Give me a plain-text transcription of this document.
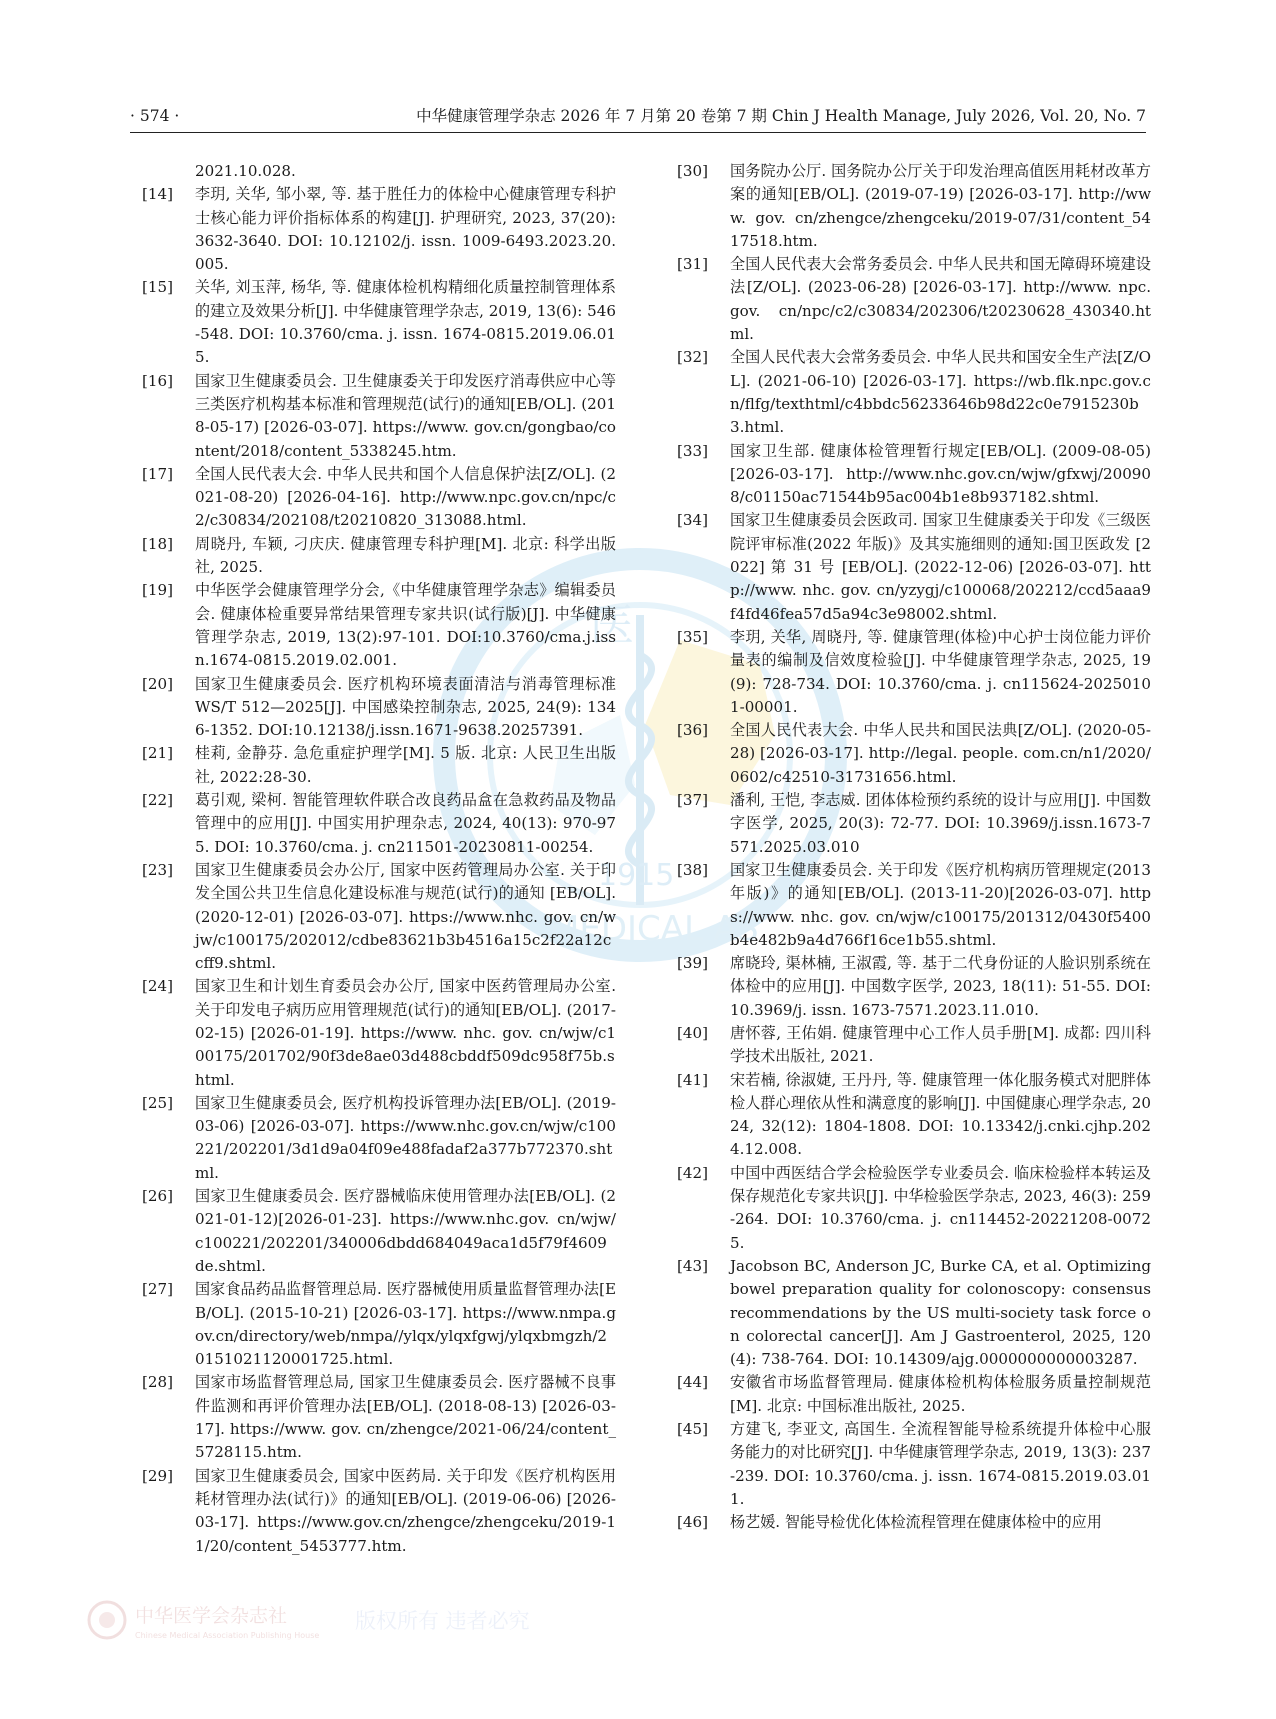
医
1915
MEDICAL AS
· 574 ·	中华健康管理学杂志 2026 年 7 月第 20 卷第 7 期 Chin J Health Manage, July 2026, Vol. 20, No. 7
2021.10.028.
[14] 李玥, 关华, 邹小翠, 等. 基于胜任力的体检中心健康管理专科护士核心能力评价指标体系的构建[J]. 护理研究, 2023, 37(20): 3632-3640. DOI: 10.12102/j. issn. 1009-6493.2023.20.005.
[15] 关华, 刘玉萍, 杨华, 等. 健康体检机构精细化质量控制管理体系的建立及效果分析[J]. 中华健康管理学杂志, 2019, 13(6): 546-548. DOI: 10.3760/cma. j. issn. 1674-0815.2019.06.015.
[16] 国家卫生健康委员会. 卫生健康委关于印发医疗消毒供应中心等三类医疗机构基本标准和管理规范(试行)的通知[EB/OL]. (2018-05-17) [2026-03-07]. https://www. gov.cn/gongbao/content/2018/content_5338245.htm.
[17] 全国人民代表大会. 中华人民共和国个人信息保护法[Z/OL]. (2021-08-20) [2026-04-16]. http://www.npc.gov.cn/npc/c2/c30834/202108/t20210820_313088.html.
[18] 周晓丹, 车颖, 刁庆庆. 健康管理专科护理[M]. 北京: 科学出版社, 2025.
[19] 中华医学会健康管理学分会,《中华健康管理学杂志》编辑委员会. 健康体检重要异常结果管理专家共识(试行版)[J]. 中华健康管理学杂志, 2019, 13(2):97-101. DOI:10.3760/cma.j.issn.1674-0815.2019.02.001.
[20] 国家卫生健康委员会. 医疗机构环境表面清洁与消毒管理标准 WS/T 512—2025[J]. 中国感染控制杂志, 2025, 24(9): 1346-1352. DOI:10.12138/j.issn.1671-9638.20257391.
[21] 桂莉, 金静芬. 急危重症护理学[M]. 5 版. 北京: 人民卫生出版社, 2022:28-30.
[22] 葛引观, 梁柯. 智能管理软件联合改良药品盒在急救药品及物品管理中的应用[J]. 中国实用护理杂志, 2024, 40(13): 970-975. DOI: 10.3760/cma. j. cn211501-20230811-00254.
[23] 国家卫生健康委员会办公厅, 国家中医药管理局办公室. 关于印发全国公共卫生信息化建设标准与规范(试行)的通知 [EB/OL]. (2020-12-01) [2026-03-07]. https://www.nhc. gov. cn/wjw/c100175/202012/cdbe83621b3b4516a15c2f22a12ccff9.shtml.
[24] 国家卫生和计划生育委员会办公厅, 国家中医药管理局办公室. 关于印发电子病历应用管理规范(试行)的通知[EB/OL]. (2017-02-15) [2026-01-19]. https://www. nhc. gov. cn/wjw/c100175/201702/90f3de8ae03d488cbddf509dc958f75b.shtml.
[25] 国家卫生健康委员会, 医疗机构投诉管理办法[EB/OL]. (2019-03-06) [2026-03-07]. https://www.nhc.gov.cn/wjw/c100221/202201/3d1d9a04f09e488fadaf2a377b772370.shtml.
[26] 国家卫生健康委员会. 医疗器械临床使用管理办法[EB/OL]. (2021-01-12)[2026-01-23]. https://www.nhc.gov. cn/wjw/c100221/202201/340006dbdd684049aca1d5f79f4609de.shtml.
[27] 国家食品药品监督管理总局. 医疗器械使用质量监督管理办法[EB/OL]. (2015-10-21) [2026-03-17]. https://www.nmpa.gov.cn/directory/web/nmpa//ylqx/ylqxfgwj/ylqxbmgzh/20151021120001725.html.
[28] 国家市场监督管理总局, 国家卫生健康委员会. 医疗器械不良事件监测和再评价管理办法[EB/OL]. (2018-08-13) [2026-03-17]. https://www. gov. cn/zhengce/2021-06/24/content_5728115.htm.
[29] 国家卫生健康委员会, 国家中医药局. 关于印发《医疗机构医用耗材管理办法(试行)》的通知[EB/OL]. (2019-06-06) [2026-03-17]. https://www.gov.cn/zhengce/zhengceku/2019-11/20/content_5453777.htm.
[30] 国务院办公厅. 国务院办公厅关于印发治理高值医用耗材改革方案的通知[EB/OL]. (2019-07-19) [2026-03-17]. http://www. gov. cn/zhengce/zhengceku/2019-07/31/content_5417518.htm.
[31] 全国人民代表大会常务委员会. 中华人民共和国无障碍环境建设法[Z/OL]. (2023-06-28) [2026-03-17]. http://www. npc. gov. cn/npc/c2/c30834/202306/t20230628_430340.html.
[32] 全国人民代表大会常务委员会. 中华人民共和国安全生产法[Z/OL]. (2021-06-10) [2026-03-17]. https://wb.flk.npc.gov.cn/flfg/texthtml/c4bbdc56233646b98d22c0e7915230b3.html.
[33] 国家卫生部. 健康体检管理暂行规定[EB/OL]. (2009-08-05)[2026-03-17]. http://www.nhc.gov.cn/wjw/gfxwj/200908/c01150ac71544b95ac004b1e8b937182.shtml.
[34] 国家卫生健康委员会医政司. 国家卫生健康委关于印发《三级医院评审标准(2022 年版)》及其实施细则的通知:国卫医政发 [2022] 第 31 号 [EB/OL]. (2022-12-06) [2026-03-07]. http://www. nhc. gov. cn/yzygj/c100068/202212/ccd5aaa9f4fd46fea57d5a94c3e98002.shtml.
[35] 李玥, 关华, 周晓丹, 等. 健康管理(体检)中心护士岗位能力评价量表的编制及信效度检验[J]. 中华健康管理学杂志, 2025, 19(9): 728-734. DOI: 10.3760/cma. j. cn115624-20250101-00001.
[36] 全国人民代表大会. 中华人民共和国民法典[Z/OL]. (2020-05-28) [2026-03-17]. http://legal. people. com.cn/n1/2020/0602/c42510-31731656.html.
[37] 潘利, 王恺, 李志威. 团体体检预约系统的设计与应用[J]. 中国数字医学, 2025, 20(3): 72-77. DOI: 10.3969/j.issn.1673-7571.2025.03.010
[38] 国家卫生健康委员会. 关于印发《医疗机构病历管理规定(2013 年版)》的通知[EB/OL]. (2013-11-20)[2026-03-07]. https://www. nhc. gov. cn/wjw/c100175/201312/0430f5400b4e482b9a4d766f16ce1b55.shtml.
[39] 席晓玲, 渠林楠, 王淑霞, 等. 基于二代身份证的人脸识别系统在体检中的应用[J]. 中国数字医学, 2023, 18(11): 51-55. DOI: 10.3969/j. issn. 1673-7571.2023.11.010.
[40] 唐怀蓉, 王佑娟. 健康管理中心工作人员手册[M]. 成都: 四川科学技术出版社, 2021.
[41] 宋若楠, 徐淑婕, 王丹丹, 等. 健康管理一体化服务模式对肥胖体检人群心理依从性和满意度的影响[J]. 中国健康心理学杂志, 2024, 32(12): 1804-1808. DOI: 10.13342/j.cnki.cjhp.2024.12.008.
[42] 中国中西医结合学会检验医学专业委员会. 临床检验样本转运及保存规范化专家共识[J]. 中华检验医学杂志, 2023, 46(3): 259-264. DOI: 10.3760/cma. j. cn114452-20221208-00725.
[43] Jacobson BC, Anderson JC, Burke CA, et al. Optimizing bowel preparation quality for colonoscopy: consensus recommendations by the US multi-society task force on colorectal cancer[J]. Am J Gastroenterol, 2025, 120(4): 738-764. DOI: 10.14309/ajg.0000000000003287.
[44] 安徽省市场监督管理局. 健康体检机构体检服务质量控制规范[M]. 北京: 中国标准出版社, 2025.
[45] 方建飞, 李亚文, 高国生. 全流程智能导检系统提升体检中心服务能力的对比研究[J]. 中华健康管理学杂志, 2019, 13(3): 237-239. DOI: 10.3760/cma. j. issn. 1674-0815.2019.03.011.
[46] 杨艺媛. 智能导检优化体检流程管理在健康体检中的应用
中华医学会杂志社
Chinese Medical Association Publishing House
版权所有 违者必究
